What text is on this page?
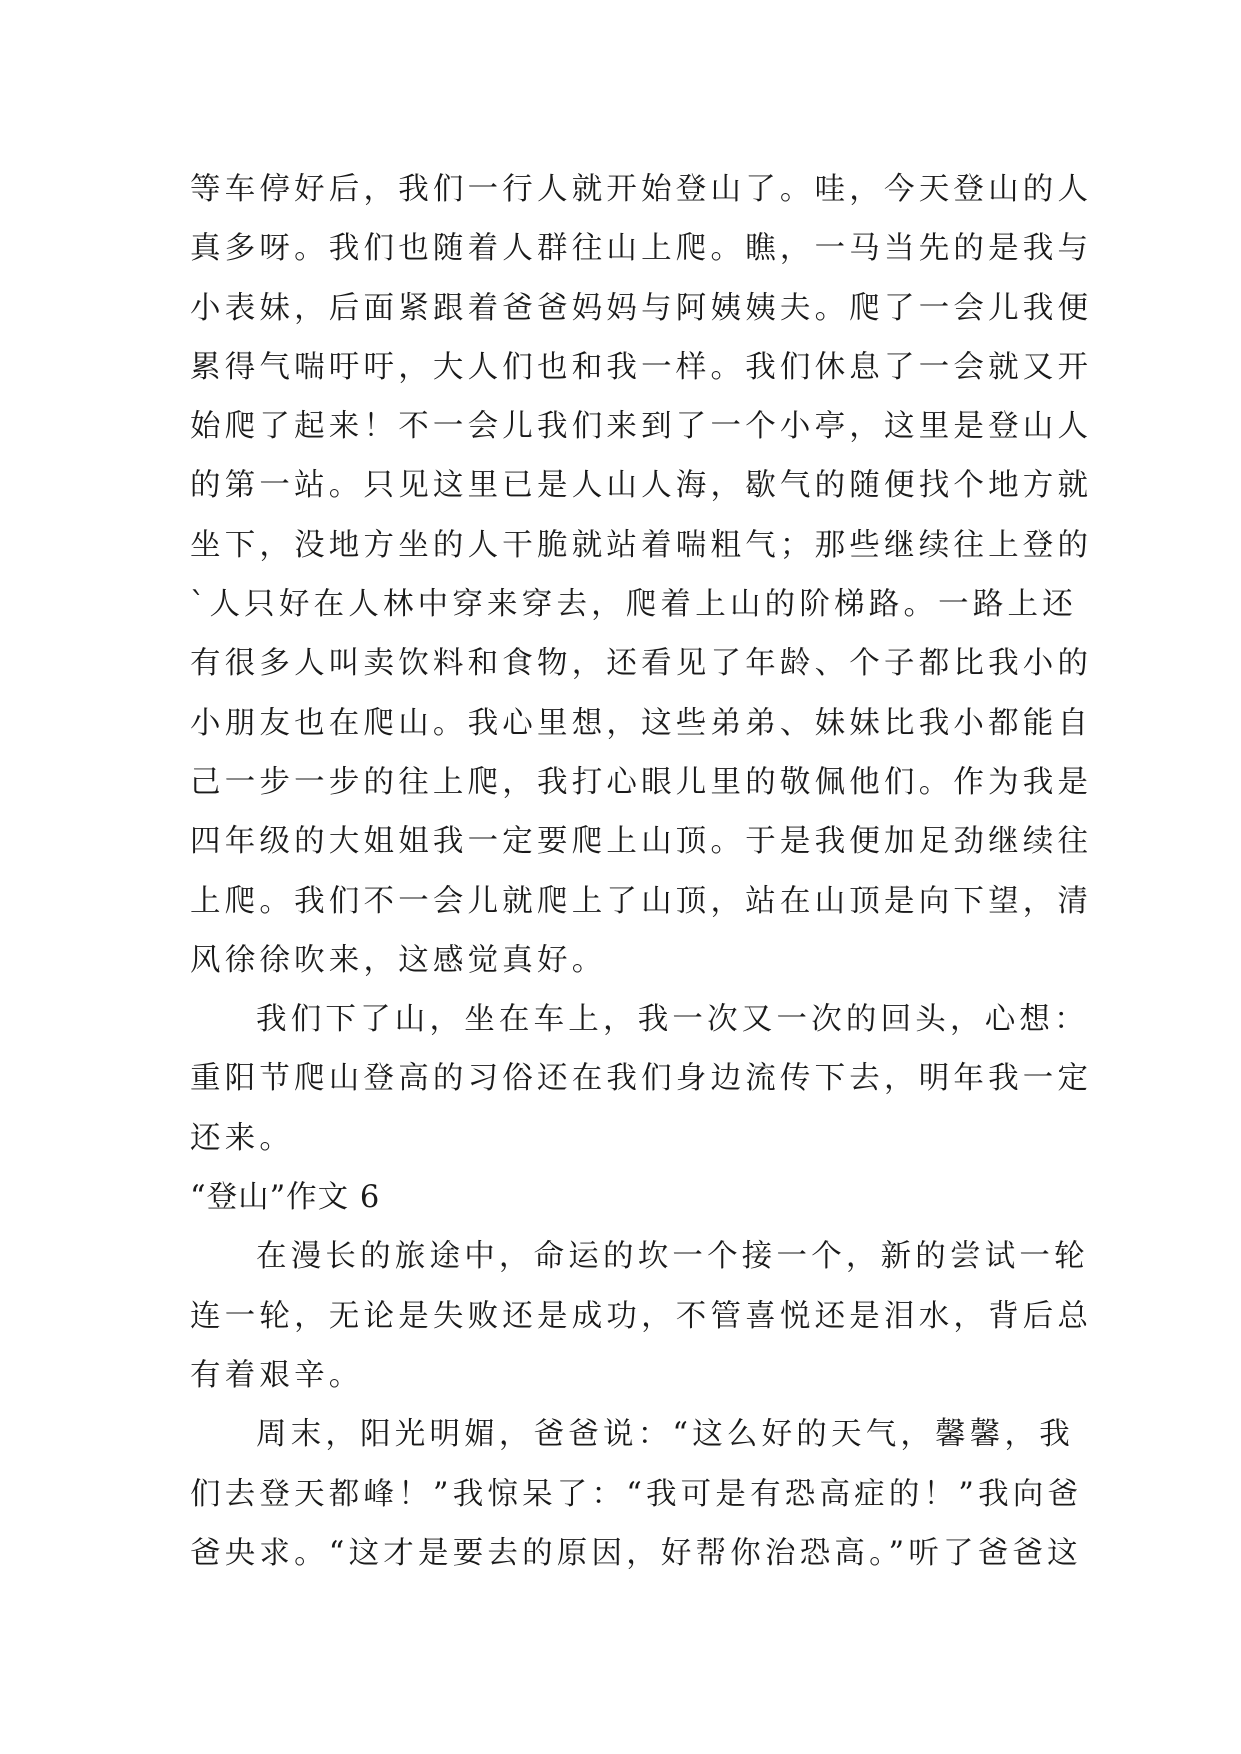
等车停好后，我们一行人就开始登山了。哇，今天登山的人
真多呀。我们也随着人群往山上爬。瞧，一马当先的是我与
小表妹，后面紧跟着爸爸妈妈与阿姨姨夫。爬了一会儿我便
累得气喘吁吁，大人们也和我一样。我们休息了一会就又开
始爬了起来！不一会儿我们来到了一个小亭，这里是登山人
的第一站。只见这里已是人山人海，歇气的随便找个地方就
坐下，没地方坐的人干脆就站着喘粗气；那些继续往上登的
`人只好在人林中穿来穿去，爬着上山的阶梯路。一路上还
有很多人叫卖饮料和食物，还看见了年龄、个子都比我小的
小朋友也在爬山。我心里想，这些弟弟、妹妹比我小都能自
己一步一步的往上爬，我打心眼儿里的敬佩他们。作为我是
四年级的大姐姐我一定要爬上山顶。于是我便加足劲继续往
上爬。我们不一会儿就爬上了山顶，站在山顶是向下望，清
风徐徐吹来，这感觉真好。
我们下了山，坐在车上，我一次又一次的回头，心想：
重阳节爬山登高的习俗还在我们身边流传下去，明年我一定
还来。
“登山”作文 6
在漫长的旅途中，命运的坎一个接一个，新的尝试一轮
连一轮，无论是失败还是成功，不管喜悦还是泪水，背后总
有着艰辛。
周末，阳光明媚，爸爸说：“这么好的天气，馨馨，我
们去登天都峰！”我惊呆了：“我可是有恐高症的！”我向爸
爸央求。“这才是要去的原因，好帮你治恐高。”听了爸爸这
